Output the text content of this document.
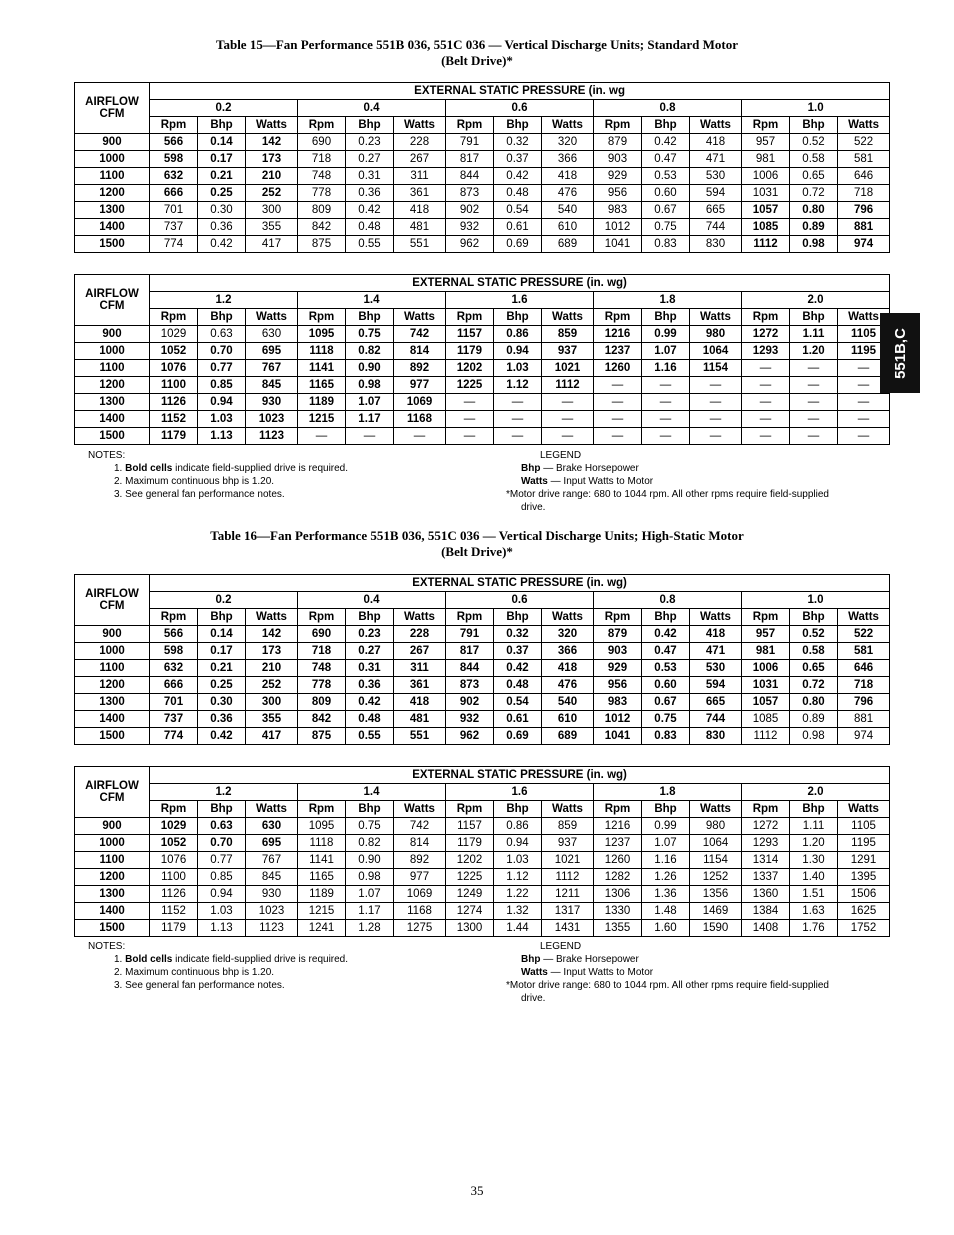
Table 15—Fan Performance 551B 036, 551C 036 — Vertical Discharge Units; Standard Motor
(Belt Drive)*
AIRFLOW
CFM	EXTERNAL STATIC PRESSURE (in. wg														
	0.2			0.4			0.6			0.8			1.0		
	Rpm	Bhp	Watts	Rpm	Bhp	Watts	Rpm	Bhp	Watts	Rpm	Bhp	Watts	Rpm	Bhp	Watts
900	566	0.14	142	690	0.23	228	791	0.32	320	879	0.42	418	957	0.52	522
1000	598	0.17	173	718	0.27	267	817	0.37	366	903	0.47	471	981	0.58	581
1100	632	0.21	210	748	0.31	311	844	0.42	418	929	0.53	530	1006	0.65	646
1200	666	0.25	252	778	0.36	361	873	0.48	476	956	0.60	594	1031	0.72	718
1300	701	0.30	300	809	0.42	418	902	0.54	540	983	0.67	665	1057	0.80	796
1400	737	0.36	355	842	0.48	481	932	0.61	610	1012	0.75	744	1085	0.89	881
1500	774	0.42	417	875	0.55	551	962	0.69	689	1041	0.83	830	1112	0.98	974
AIRFLOW
CFM	EXTERNAL STATIC PRESSURE (in. wg)														
	1.2			1.4			1.6			1.8			2.0		
	Rpm	Bhp	Watts	Rpm	Bhp	Watts	Rpm	Bhp	Watts	Rpm	Bhp	Watts	Rpm	Bhp	Watts
900	1029	0.63	630	1095	0.75	742	1157	0.86	859	1216	0.99	980	1272	1.11	1105
1000	1052	0.70	695	1118	0.82	814	1179	0.94	937	1237	1.07	1064	1293	1.20	1195
1100	1076	0.77	767	1141	0.90	892	1202	1.03	1021	1260	1.16	1154	—	—	—
1200	1100	0.85	845	1165	0.98	977	1225	1.12	1112	—	—	—	—	—	—
1300	1126	0.94	930	1189	1.07	1069	—	—	—	—	—	—	—	—	—
1400	1152	1.03	1023	1215	1.17	1168	—	—	—	—	—	—	—	—	—
1500	1179	1.13	1123	—	—	—	—	—	—	—	—	—	—	—	—
NOTES:
1. Bold cells indicate field-supplied drive is required.
2. Maximum continuous bhp is 1.20.
3. See general fan performance notes.
LEGEND
Bhp — Brake Horsepower
Watts — Input Watts to Motor
*Motor drive range: 680 to 1044 rpm. All other rpms require field-supplied
drive.
Table 16—Fan Performance 551B 036, 551C 036 — Vertical Discharge Units; High-Static Motor
(Belt Drive)*
AIRFLOW
CFM	EXTERNAL STATIC PRESSURE (in. wg)														
	0.2			0.4			0.6			0.8			1.0		
	Rpm	Bhp	Watts	Rpm	Bhp	Watts	Rpm	Bhp	Watts	Rpm	Bhp	Watts	Rpm	Bhp	Watts
900	566	0.14	142	690	0.23	228	791	0.32	320	879	0.42	418	957	0.52	522
1000	598	0.17	173	718	0.27	267	817	0.37	366	903	0.47	471	981	0.58	581
1100	632	0.21	210	748	0.31	311	844	0.42	418	929	0.53	530	1006	0.65	646
1200	666	0.25	252	778	0.36	361	873	0.48	476	956	0.60	594	1031	0.72	718
1300	701	0.30	300	809	0.42	418	902	0.54	540	983	0.67	665	1057	0.80	796
1400	737	0.36	355	842	0.48	481	932	0.61	610	1012	0.75	744	1085	0.89	881
1500	774	0.42	417	875	0.55	551	962	0.69	689	1041	0.83	830	1112	0.98	974
AIRFLOW
CFM	EXTERNAL STATIC PRESSURE (in. wg)														
	1.2			1.4			1.6			1.8			2.0		
	Rpm	Bhp	Watts	Rpm	Bhp	Watts	Rpm	Bhp	Watts	Rpm	Bhp	Watts	Rpm	Bhp	Watts
900	1029	0.63	630	1095	0.75	742	1157	0.86	859	1216	0.99	980	1272	1.11	1105
1000	1052	0.70	695	1118	0.82	814	1179	0.94	937	1237	1.07	1064	1293	1.20	1195
1100	1076	0.77	767	1141	0.90	892	1202	1.03	1021	1260	1.16	1154	1314	1.30	1291
1200	1100	0.85	845	1165	0.98	977	1225	1.12	1112	1282	1.26	1252	1337	1.40	1395
1300	1126	0.94	930	1189	1.07	1069	1249	1.22	1211	1306	1.36	1356	1360	1.51	1506
1400	1152	1.03	1023	1215	1.17	1168	1274	1.32	1317	1330	1.48	1469	1384	1.63	1625
1500	1179	1.13	1123	1241	1.28	1275	1300	1.44	1431	1355	1.60	1590	1408	1.76	1752
NOTES:
1. Bold cells indicate field-supplied drive is required.
2. Maximum continuous bhp is 1.20.
3. See general fan performance notes.
LEGEND
Bhp — Brake Horsepower
Watts — Input Watts to Motor
*Motor drive range: 680 to 1044 rpm. All other rpms require field-supplied
drive.
551B,C
35
